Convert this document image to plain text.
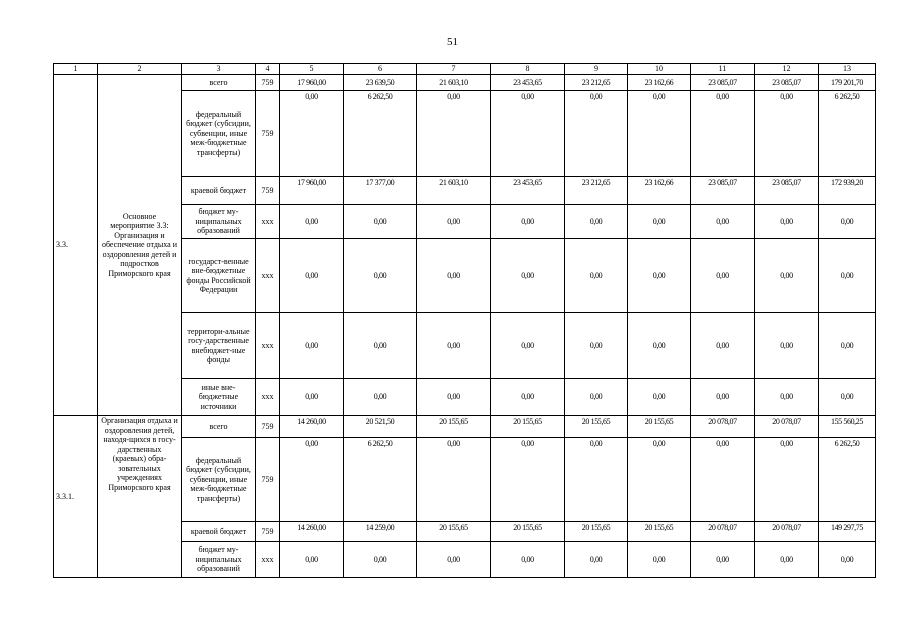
51
1	2	3	4	5	6	7	8	9	10	11	12	13
3.3.	Основное мероприятие 3.3: Организация и обеспечение отдыха и оздоровления детей и подростков Приморского края	всего	759	17 960,00	23 639,50	21 603,10	23 453,65	23 212,65	23 162,66	23 085,07	23 085,07	179 201,70
		федеральный бюджет (субсидии, субвенции, иные меж-бюджетные трансферты)	759	0,00	6 262,50	0,00	0,00	0,00	0,00	0,00	0,00	6 262,50

		краевой бюджет	759	17 960,00	17 377,00	21 603,10	23 453,65	23 212,65	23 162,66	23 085,07	23 085,07	172 939,20

		бюджет му-ниципальных образований	ххх	0,00	0,00	0,00	0,00	0,00	0,00	0,00	0,00	0,00
		государст-венные вне-бюджетные фонды Российской Федерации	ххх	0,00	0,00	0,00	0,00	0,00	0,00	0,00	0,00	0,00
		территори-альные госу-дарственные внебюджет-ные фонды	ххх	0,00	0,00	0,00	0,00	0,00	0,00	0,00	0,00	0,00
		иные вне-бюджетные источники	ххх	0,00	0,00	0,00	0,00	0,00	0,00	0,00	0,00	0,00
3.3.1.	Организация отдыха и оздоровления детей, находя-щихся в госу-дарственных (краевых) обра-зовательных учреждениях Приморского края	всего	759	14 260,00	20 521,50	20 155,65	20 155,65	20 155,65	20 155,65	20 078,07	20 078,07	155 560,25

		федеральный бюджет (субсидии, субвенции, иные меж-бюджетные трансферты)	759	0,00	6 262,50	0,00	0,00	0,00	0,00	0,00	0,00	6 262,50

		краевой бюджет	759	14 260,00	14 259,00	20 155,65	20 155,65	20 155,65	20 155,65	20 078,07	20 078,07	149 297,75

		бюджет му-ниципальных образований	ххх	0,00	0,00	0,00	0,00	0,00	0,00	0,00	0,00	0,00
